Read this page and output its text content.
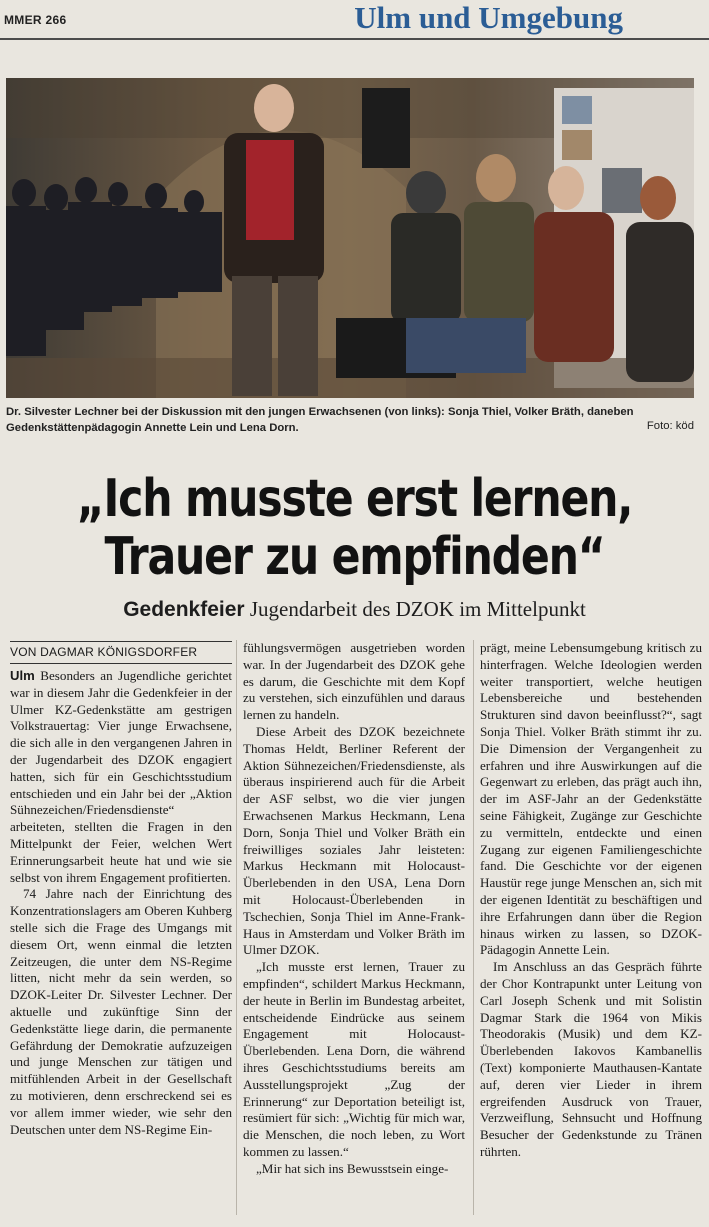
MMER 266	Ulm und Umgebung
Dr. Silvester Lechner bei der Diskussion mit den jungen Erwachsenen (von links): Sonja Thiel, Volker Bräth, daneben Gedenkstättenpädagogin Annette Lein und Lena Dorn.	Foto: köd
„Ich musste erst lernen,
Trauer zu empfinden“
Gedenkfeier Jugendarbeit des DZOK im Mittelpunkt
VON DAGMAR KÖNIGSDORFER

Ulm Besonders an Jugendliche gerichtet war in diesem Jahr die Gedenkfeier in der Ulmer KZ-Gedenkstätte am gestrigen Volkstrauertag: Vier junge Erwachsene, die sich alle in den vergangenen Jahren in der Jugendarbeit des DZOK engagiert hatten, sich für ein Geschichtsstudium entschieden und ein Jahr bei der „Aktion Sühnezeichen/Friedensdienste“ arbeiteten, stellten die Fragen in den Mittelpunkt der Feier, welchen Wert Erinnerungsarbeit heute hat und wie sie selbst von ihrem Engagement profitierten.

74 Jahre nach der Einrichtung des Konzentrationslagers am Oberen Kuhberg stelle sich die Frage des Umgangs mit diesem Ort, wenn einmal die letzten Zeitzeugen, die unter dem NS-Regime litten, nicht mehr da sein werden, so DZOK-Leiter Dr. Silvester Lechner. Der aktuelle und zukünftige Sinn der Gedenkstätte liege darin, die permanente Gefährdung der Demokratie aufzuzeigen und junge Menschen zur tätigen und mitfühlenden Arbeit in der Gesellschaft zu motivieren, denn erschreckend sei es vor allem immer wieder, wie sehr den Deutschen unter dem NS-Regime Ein-

fühlungsvermögen ausgetrieben worden war. In der Jugendarbeit des DZOK gehe es darum, die Geschichte mit dem Kopf zu verstehen, sich einzufühlen und daraus lernen zu handeln.

Diese Arbeit des DZOK bezeichnete Thomas Heldt, Berliner Referent der Aktion Sühnezeichen/Friedensdienste, als überaus inspirierend auch für die Arbeit der ASF selbst, wo die vier jungen Erwachsenen Markus Heckmann, Lena Dorn, Sonja Thiel und Volker Bräth ein freiwilliges soziales Jahr leisteten: Markus Heckmann mit Holocaust-Überlebenden in den USA, Lena Dorn mit Holocaust-Überlebenden in Tschechien, Sonja Thiel im Anne-Frank-Haus in Amsterdam und Volker Bräth im Ulmer DZOK.

„Ich musste erst lernen, Trauer zu empfinden“, schildert Markus Heckmann, der heute in Berlin im Bundestag arbeitet, entscheidende Eindrücke aus seinem Engagement mit Holocaust-Überlebenden. Lena Dorn, die während ihres Geschichtsstudiums bereits am Ausstellungsprojekt „Zug der Erinnerung“ zur Deportation beteiligt ist, resümiert für sich: „Wichtig für mich war, die Menschen, die noch leben, zu Wort kommen zu lassen.“

„Mir hat sich ins Bewusstsein einge-

prägt, meine Lebensumgebung kritisch zu hinterfragen. Welche Ideologien werden weiter transportiert, welche heutigen Lebensbereiche und bestehenden Strukturen sind davon beeinflusst?“, sagt Sonja Thiel. Volker Bräth stimmt ihr zu. Die Dimension der Vergangenheit zu erfahren und ihre Auswirkungen auf die Gegenwart zu erleben, das prägt auch ihn, der im ASF-Jahr an der Gedenkstätte seine Fähigkeit, Zugänge zur Geschichte zu vermitteln, entdeckte und einen Zugang zur eigenen Familiengeschichte fand. Die Geschichte vor der eigenen Haustür rege junge Menschen an, sich mit der eigenen Identität zu beschäftigen und ihre Erfahrungen dann über die Region hinaus wirken zu lassen, so DZOK-Pädagogin Annette Lein.

Im Anschluss an das Gespräch führte der Chor Kontrapunkt unter Leitung von Carl Joseph Schenk und mit Solistin Dagmar Stark die 1964 von Mikis Theodorakis (Musik) und dem KZ-Überlebenden Iakovos Kambanellis (Text) komponierte Mauthausen-Kantate auf, deren vier Lieder in ihrem ergreifenden Ausdruck von Trauer, Verzweiflung, Sehnsucht und Hoffnung Besucher der Gedenkstunde zu Tränen rührten.
